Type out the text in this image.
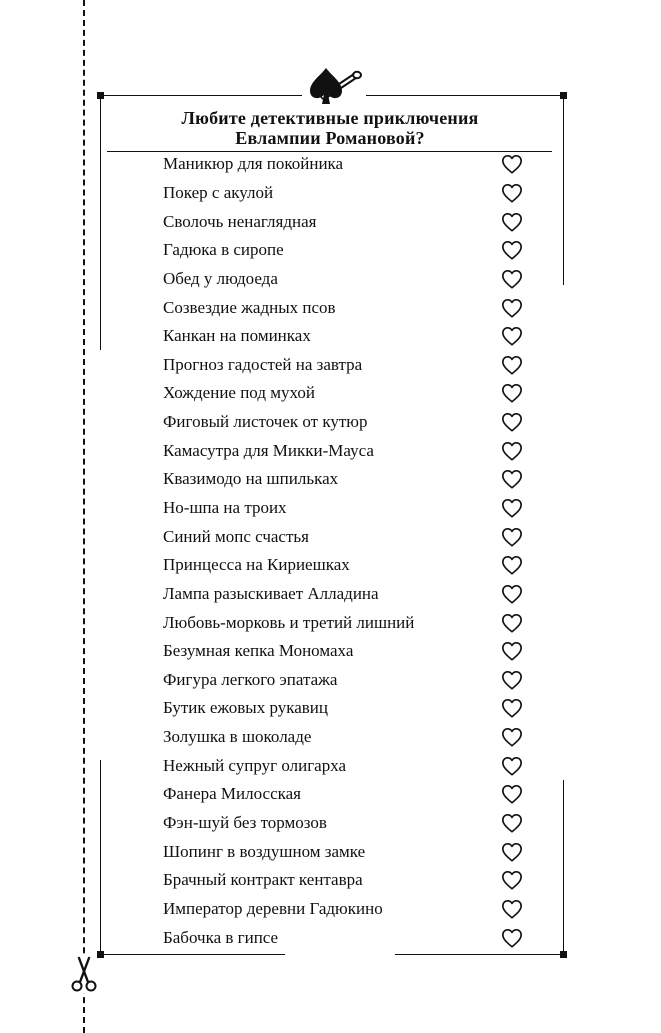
Любите детективные приключения
Евлампии Романовой?
Маникюр для покойника
Покер с акулой
Сволочь ненаглядная
Гадюка в сиропе
Обед у людоеда
Созвездие жадных псов
Канкан на поминках
Прогноз гадостей на завтра
Хождение под мухой
Фиговый листочек от кутюр
Камасутра для Микки-Мауса
Квазимодо на шпильках
Но-шпа на троих
Синий мопс счастья
Принцесса на Кириешках
Лампа разыскивает Алладина
Любовь-морковь и третий лишний
Безумная кепка Мономаха
Фигура легкого эпатажа
Бутик ежовых рукавиц
Золушка в шоколаде
Нежный супруг олигарха
Фанера Милосская
Фэн-шуй без тормозов
Шопинг в воздушном замке
Брачный контракт кентавра
Император деревни Гадюкино
Бабочка в гипсе
